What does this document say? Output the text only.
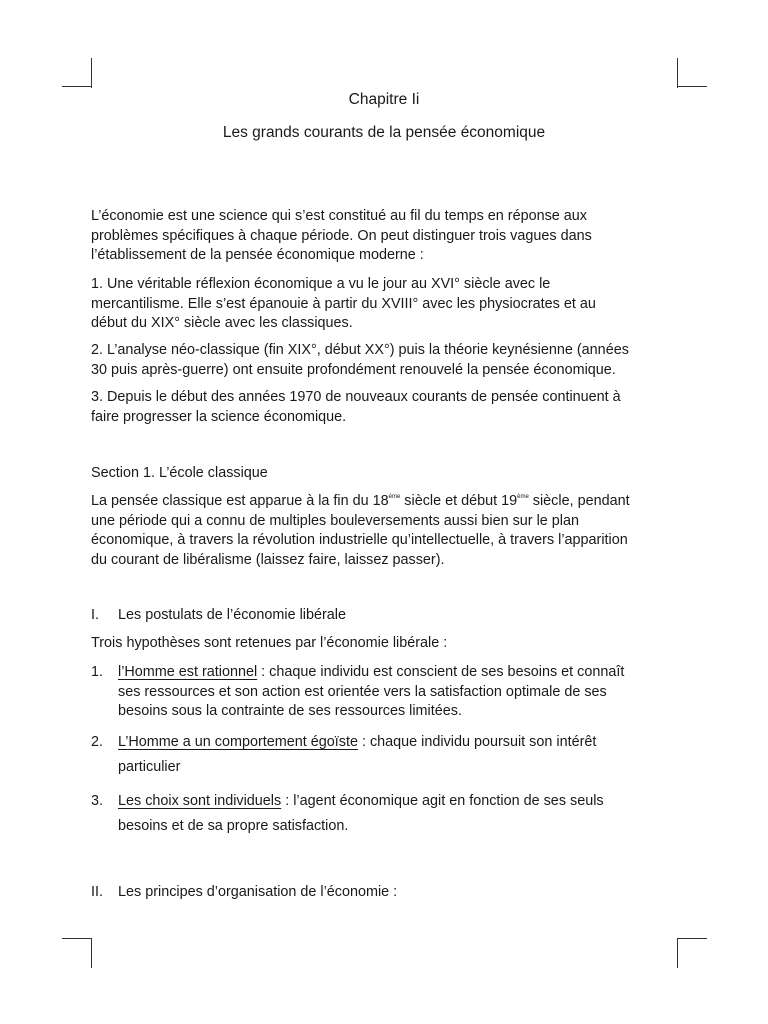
Chapitre Ii
Les grands courants de la pensée économique

L’économie est une science qui s’est constitué au fil du temps en réponse aux
problèmes spécifiques à chaque période. On peut distinguer trois vagues dans
l’établissement de la pensée économique moderne :

1. Une véritable réflexion économique a vu le jour au XVI° siècle avec le
mercantilisme. Elle s’est épanouie à partir du XVIII° avec les physiocrates et au
début du XIX° siècle avec les classiques.

2. L’analyse néo-classique (fin XIX°, début XX°) puis la théorie keynésienne (années
30 puis après-guerre) ont ensuite profondément renouvelé la pensée économique.

3. Depuis le début des années 1970 de nouveaux courants de pensée continuent à
faire progresser la science économique.

Section 1. L’école classique

La pensée classique est apparue à la fin du 18ème siècle et début 19ème siècle, pendant
une période qui a connu de multiples bouleversements aussi bien sur le plan
économique, à travers la révolution industrielle qu’intellectuelle, à travers l’apparition
du courant de libéralisme (laissez faire, laissez passer).

I. Les postulats de l’économie libérale

Trois hypothèses sont retenues par l’économie libérale :

1.	l’Homme est rationnel : chaque individu est conscient de ses besoins et connaît
ses ressources et son action est orientée vers la satisfaction optimale de ses
besoins sous la contrainte de ses ressources limitées.
2.	L’Homme a un comportement égoïste : chaque individu poursuit son intérêt
particulier
3.	Les choix sont individuels : l’agent économique agit en fonction de ses seuls
besoins et de sa propre satisfaction.
II. Les principes d’organisation de l’économie :
